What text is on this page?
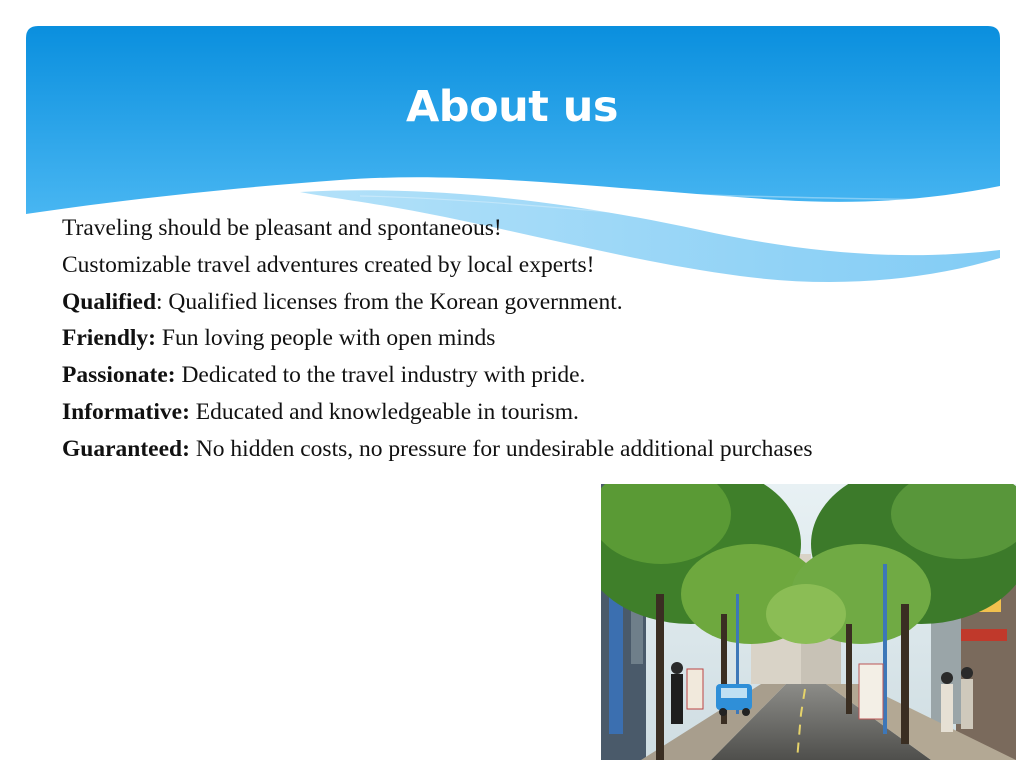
About us

Traveling should be pleasant and spontaneous!

Customizable travel adventures created by local experts!

Qualified: Qualified licenses from the Korean government.

Friendly: Fun loving people with open minds

Passionate: Dedicated to the travel industry with pride.

Informative: Educated and knowledgeable in tourism.

Guaranteed: No hidden costs, no pressure for undesirable additional purchases
